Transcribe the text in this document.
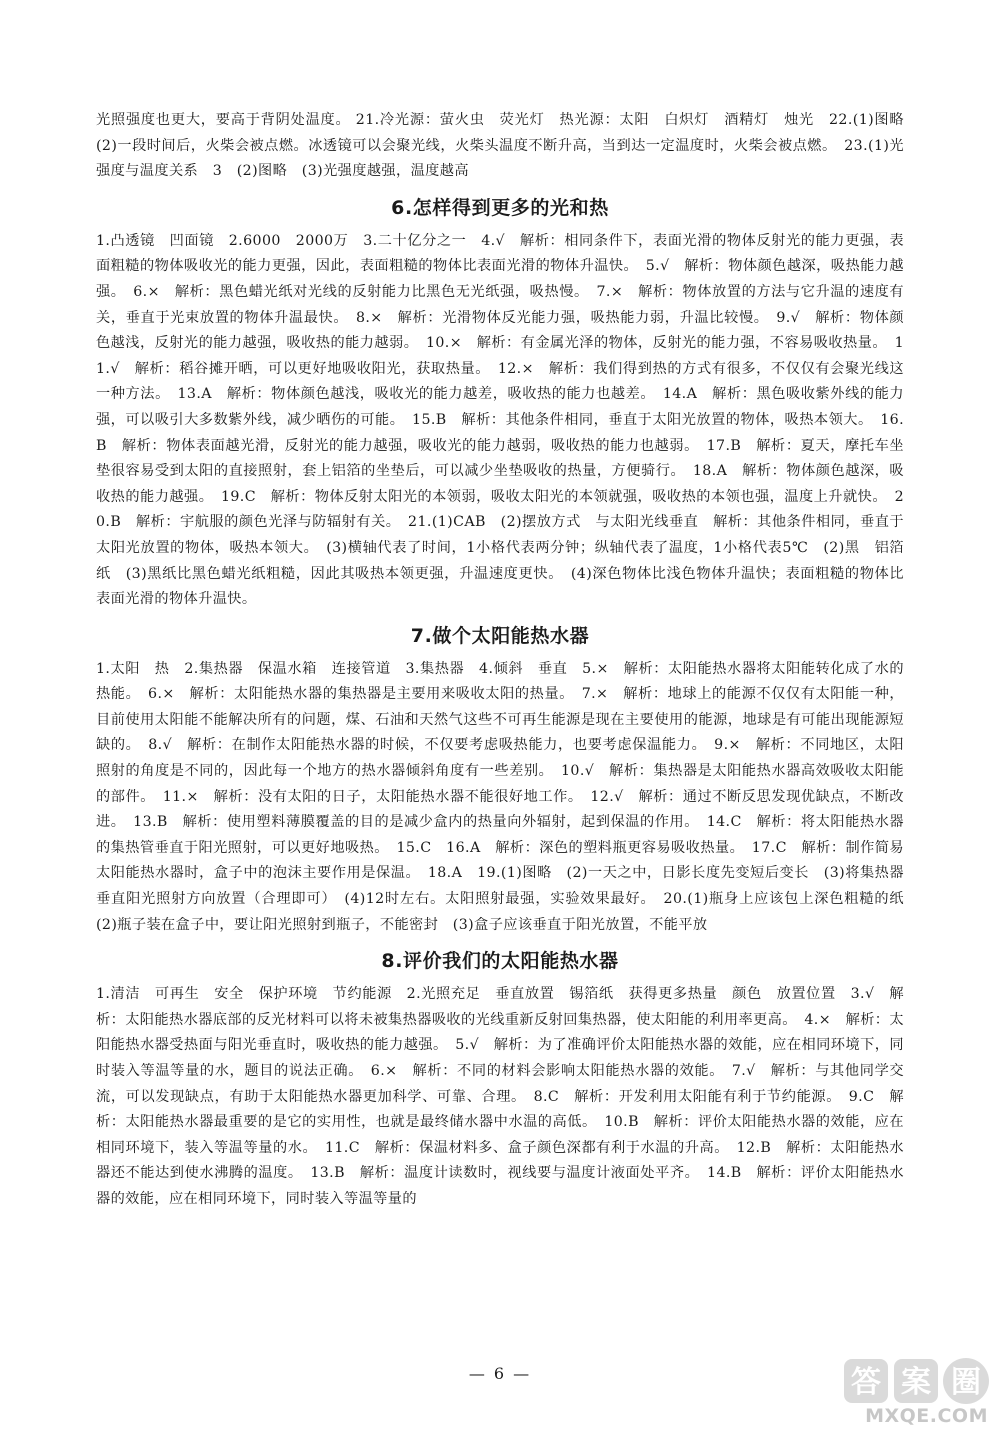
光照强度也更大，要高于背阴处温度。 21.冷光源：萤火虫　荧光灯　热光源：太阳　白炽灯　酒精灯　烛光　22.(1)图略　(2)一段时间后，火柴会被点燃。冰透镜可以会聚光线，火柴头温度不断升高，当到达一定温度时，火柴会被点燃。　23.(1)光强度与温度关系　3　(2)图略　(3)光强度越强，温度越高

6.怎样得到更多的光和热

1.凸透镜　凹面镜　2.6000　2000万　3.二十亿分之一　4.√　解析：相同条件下，表面光滑的物体反射光的能力更强，表面粗糙的物体吸收光的能力更强，因此，表面粗糙的物体比表面光滑的物体升温快。　5.√　解析：物体颜色越深，吸热能力越强。　6.×　解析：黑色蜡光纸对光线的反射能力比黑色无光纸强，吸热慢。　7.×　解析：物体放置的方法与它升温的速度有关，垂直于光束放置的物体升温最快。　8.×　解析：光滑物体反光能力强，吸热能力弱，升温比较慢。　9.√　解析：物体颜色越浅，反射光的能力越强，吸收热的能力越弱。　10.×　解析：有金属光泽的物体，反射光的能力强，不容易吸收热量。　11.√　解析：稻谷摊开晒，可以更好地吸收阳光，获取热量。　12.×　解析：我们得到热的方式有很多，不仅仅有会聚光线这一种方法。　13.A　解析：物体颜色越浅，吸收光的能力越差，吸收热的能力也越差。　14.A　解析：黑色吸收紫外线的能力强，可以吸引大多数紫外线，减少晒伤的可能。　15.B　解析：其他条件相同，垂直于太阳光放置的物体，吸热本领大。　16.B　解析：物体表面越光滑，反射光的能力越强，吸收光的能力越弱，吸收热的能力也越弱。　17.B　解析：夏天，摩托车坐垫很容易受到太阳的直接照射，套上铝箔的坐垫后，可以减少坐垫吸收的热量，方便骑行。　18.A　解析：物体颜色越深，吸收热的能力越强。　19.C　解析：物体反射太阳光的本领弱，吸收太阳光的本领就强，吸收热的本领也强，温度上升就快。　20.B　解析：宇航服的颜色光泽与防辐射有关。　21.(1)CAB　(2)摆放方式　与太阳光线垂直　解析：其他条件相同，垂直于太阳光放置的物体，吸热本领大。　(3)横轴代表了时间，1小格代表两分钟；纵轴代表了温度，1小格代表5℃　(2)黑　铝箔纸　(3)黑纸比黑色蜡光纸粗糙，因此其吸热本领更强，升温速度更快。　(4)深色物体比浅色物体升温快；表面粗糙的物体比表面光滑的物体升温快。

7.做个太阳能热水器

1.太阳　热　2.集热器　保温水箱　连接管道　3.集热器　4.倾斜　垂直　5.×　解析：太阳能热水器将太阳能转化成了水的热能。　6.×　解析：太阳能热水器的集热器是主要用来吸收太阳的热量。　7.×　解析：地球上的能源不仅仅有太阳能一种，目前使用太阳能不能解决所有的问题，煤、石油和天然气这些不可再生能源是现在主要使用的能源，地球是有可能出现能源短缺的。　8.√　解析：在制作太阳能热水器的时候，不仅要考虑吸热能力，也要考虑保温能力。　9.×　解析：不同地区，太阳照射的角度是不同的，因此每一个地方的热水器倾斜角度有一些差别。　10.√　解析：集热器是太阳能热水器高效吸收太阳能的部件。　11.×　解析：没有太阳的日子，太阳能热水器不能很好地工作。　12.√　解析：通过不断反思发现优缺点，不断改进。　13.B　解析：使用塑料薄膜覆盖的目的是减少盒内的热量向外辐射，起到保温的作用。　14.C　解析：将太阳能热水器的集热管垂直于阳光照射，可以更好地吸热。　15.C　16.A　解析：深色的塑料瓶更容易吸收热量。　17.C　解析：制作简易太阳能热水器时，盒子中的泡沫主要作用是保温。　18.A　19.(1)图略　(2)一天之中，日影长度先变短后变长　(3)将集热器垂直阳光照射方向放置（合理即可）　(4)12时左右。太阳照射最强，实验效果最好。　20.(1)瓶身上应该包上深色粗糙的纸　(2)瓶子装在盒子中，要让阳光照射到瓶子，不能密封　(3)盒子应该垂直于阳光放置，不能平放

8.评价我们的太阳能热水器

1.清洁　可再生　安全　保护环境　节约能源　2.光照充足　垂直放置　锡箔纸　获得更多热量　颜色　放置位置　3.√　解析：太阳能热水器底部的反光材料可以将未被集热器吸收的光线重新反射回集热器，使太阳能的利用率更高。　4.×　解析：太阳能热水器受热面与阳光垂直时，吸收热的能力越强。　5.√　解析：为了准确评价太阳能热水器的效能，应在相同环境下，同时装入等温等量的水，题目的说法正确。　6.×　解析：不同的材料会影响太阳能热水器的效能。　7.√　解析：与其他同学交流，可以发现缺点，有助于太阳能热水器更加科学、可靠、合理。　8.C　解析：开发利用太阳能有利于节约能源。　9.C　解析：太阳能热水器最重要的是它的实用性，也就是最终储水器中水温的高低。　10.B　解析：评价太阳能热水器的效能，应在相同环境下，装入等温等量的水。　11.C　解析：保温材料多、盒子颜色深都有利于水温的升高。　12.B　解析：太阳能热水器还不能达到使水沸腾的温度。　13.B　解析：温度计读数时，视线要与温度计液面处平齐。　14.B　解析：评价太阳能热水器的效能，应在相同环境下，同时装入等温等量的

— 6 —	答 案 圈
MXQE.COM
